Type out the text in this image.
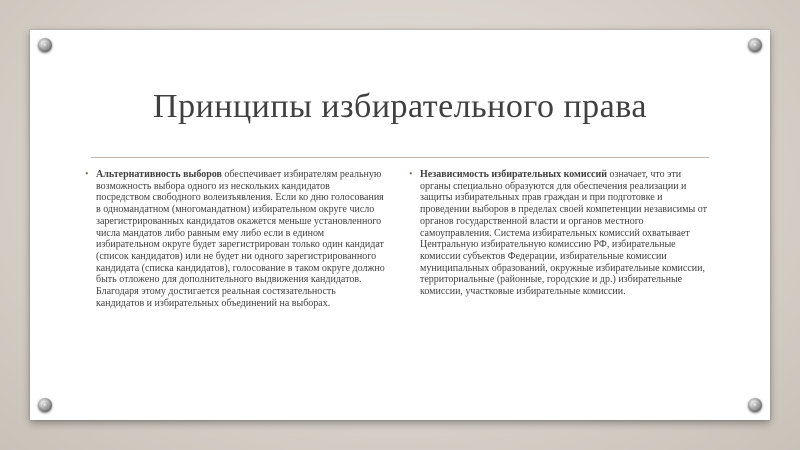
Принципы избирательного права
• Альтернативность выборов обеспечивает избирателям реальную возможность выбора одного из нескольких кандидатов посредством свободного волеизъявления. Если ко дню голосования в одномандатном (многомандатном) избирательном округе число зарегистрированных кандидатов окажется меньше установленного числа мандатов либо равным ему либо если в едином избирательном округе будет зарегистрирован только один кандидат (список кандидатов) или не будет ни одного зарегистрированного кандидата (списка кандидатов), голосование в таком округе должно быть отложено для дополнительного выдвижения кандидатов. Благодаря этому достигается реальная состязательность кандидатов и избирательных объединений на выборах.

• Независимость избирательных комиссий означает, что эти органы специально образуются для обеспечения реализации и защиты избирательных прав граждан и при подготовке и проведении выборов в пределах своей компетенции независимы от органов государственной власти и органов местного самоуправления. Система избирательных комиссий охватывает Центральную избирательную комиссию РФ, избирательные комиссии субъектов Федерации, избирательные комиссии муниципальных образований, окружные избирательные комиссии, территориальные (районные, городские и др.) избирательные комиссии, участковые избирательные комиссии.
